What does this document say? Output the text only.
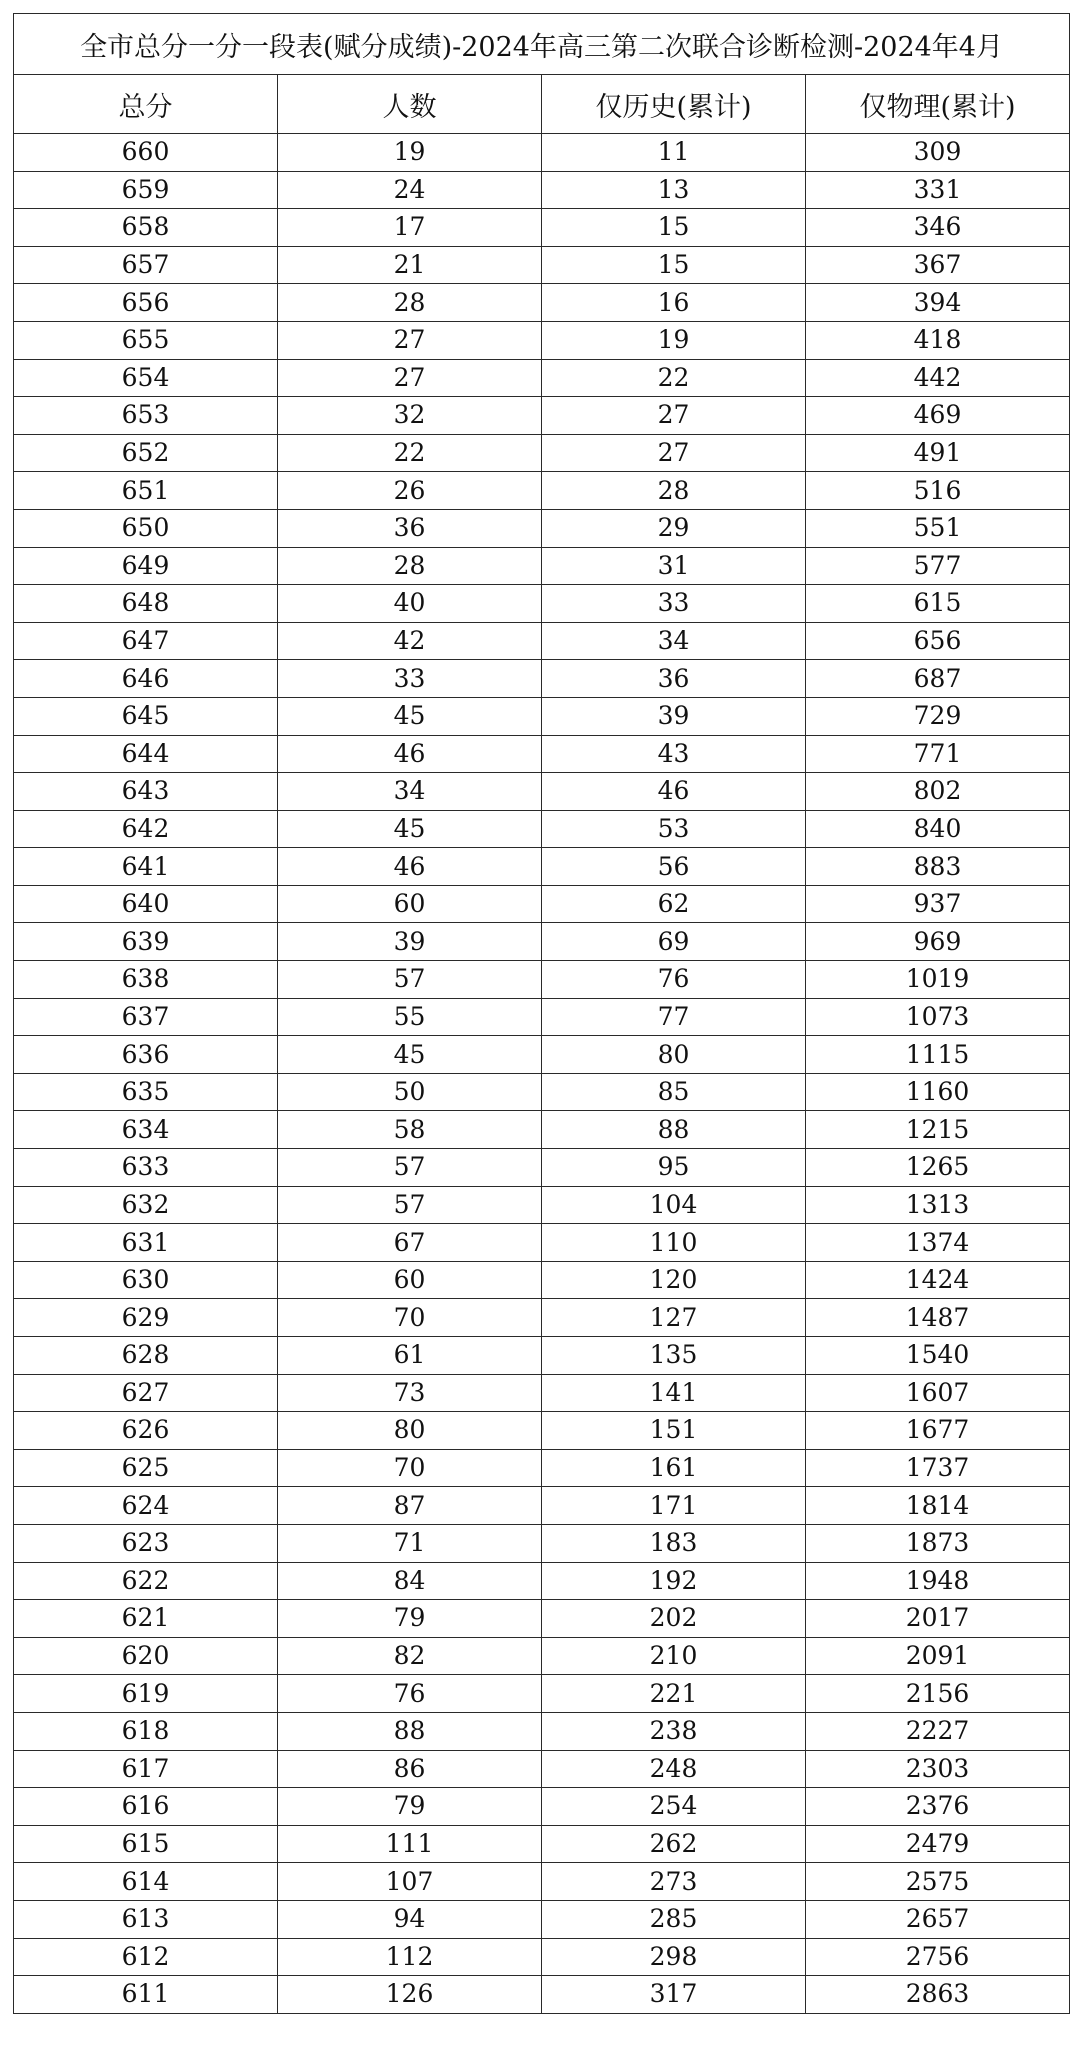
全市总分一分一段表(赋分成绩)-2024年高三第二次联合诊断检测-2024年4月			
总分	人数	仅历史(累计)	仅物理(累计)
660	19	11	309
659	24	13	331
658	17	15	346
657	21	15	367
656	28	16	394
655	27	19	418
654	27	22	442
653	32	27	469
652	22	27	491
651	26	28	516
650	36	29	551
649	28	31	577
648	40	33	615
647	42	34	656
646	33	36	687
645	45	39	729
644	46	43	771
643	34	46	802
642	45	53	840
641	46	56	883
640	60	62	937
639	39	69	969
638	57	76	1019
637	55	77	1073
636	45	80	1115
635	50	85	1160
634	58	88	1215
633	57	95	1265
632	57	104	1313
631	67	110	1374
630	60	120	1424
629	70	127	1487
628	61	135	1540
627	73	141	1607
626	80	151	1677
625	70	161	1737
624	87	171	1814
623	71	183	1873
622	84	192	1948
621	79	202	2017
620	82	210	2091
619	76	221	2156
618	88	238	2227
617	86	248	2303
616	79	254	2376
615	111	262	2479
614	107	273	2575
613	94	285	2657
612	112	298	2756
611	126	317	2863
